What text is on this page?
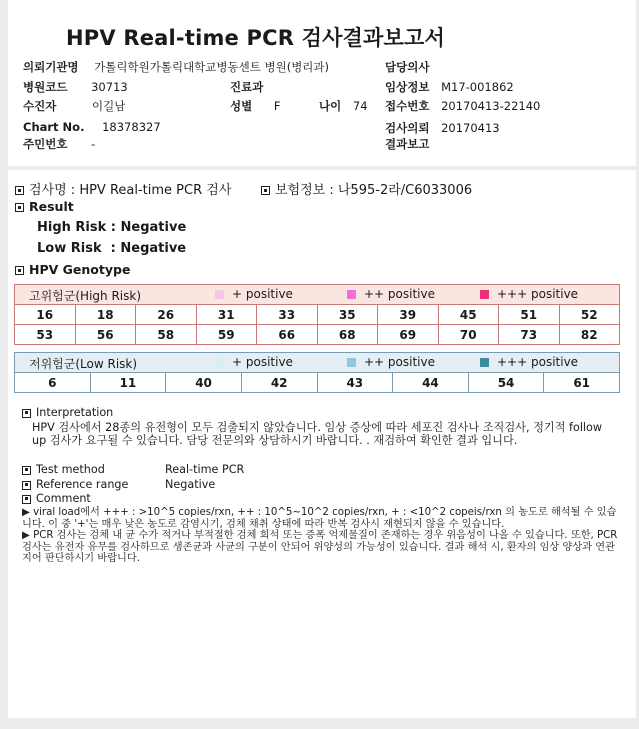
HPV Real-time PCR 검사결과보고서
의뢰기관명 가톨릭학원가톨릭대학교병동센트 병원(병리과)	담당의사
병원코드 30713	진료과	임상정보 M17-001862
수진자	이길남	성별 F	나이 74 접수번호 20170413-22140
Chart No. 18378327	검사의뢰 20170413
주민번호 -	결과보고
검사명 : HPV Real-time PCR 검사	보험정보 : 나595-2라/C6033006
Result
High Risk : Negative
Low Risk  : Negative
HPV Genotype
고위험군(High Risk) + positive ++ positive +++ positive									

16	18	26	31	33	35	39	45	51	52
53	56	58	59	66	68	69	70	73	82
저위험군(Low Risk)	+ positive	++ positive	+++ positive

6	11	40	42	43	44	54	61
Interpretation
HPV 검사에서 28종의 유전형이 모두 검출되지 않았습니다. 임상 증상에 따라 세포진 검사나 조직검사, 정기적 follow up 검사가 요구될 수 있습니다. 담당 전문의와 상담하시기 바랍니다. . 재검하여 확인한 결과 입니다.
Test method	Real-time PCR
Reference range	Negative
Comment
▶ viral load에서 +++ : >10^5 copies/rxn, ++ : 10^5~10^2 copies/rxn, + : <10^2 copeis/rxn 의 농도로 해석될 수 있습니다. 이 중 '+'는 매우 낮은 농도로 감염시기, 검체 채취 상태에 따라 반복 검사시 재현되지 않을 수 있습니다.
▶ PCR 검사는 검체 내 균 수가 적거나 부적절한 검체 희석 또는 증폭 억제물질이 존재하는 경우 위음성이 나올 수 있습니다. 또한, PCR 검사는 유전자 유무를 검사하므로 생존균과 사균의 구분이 안되어 위양성의 가능성이 있습니다. 결과 해석 시, 환자의 임상 양상과 연관지어 판단하시기 바랍니다.
